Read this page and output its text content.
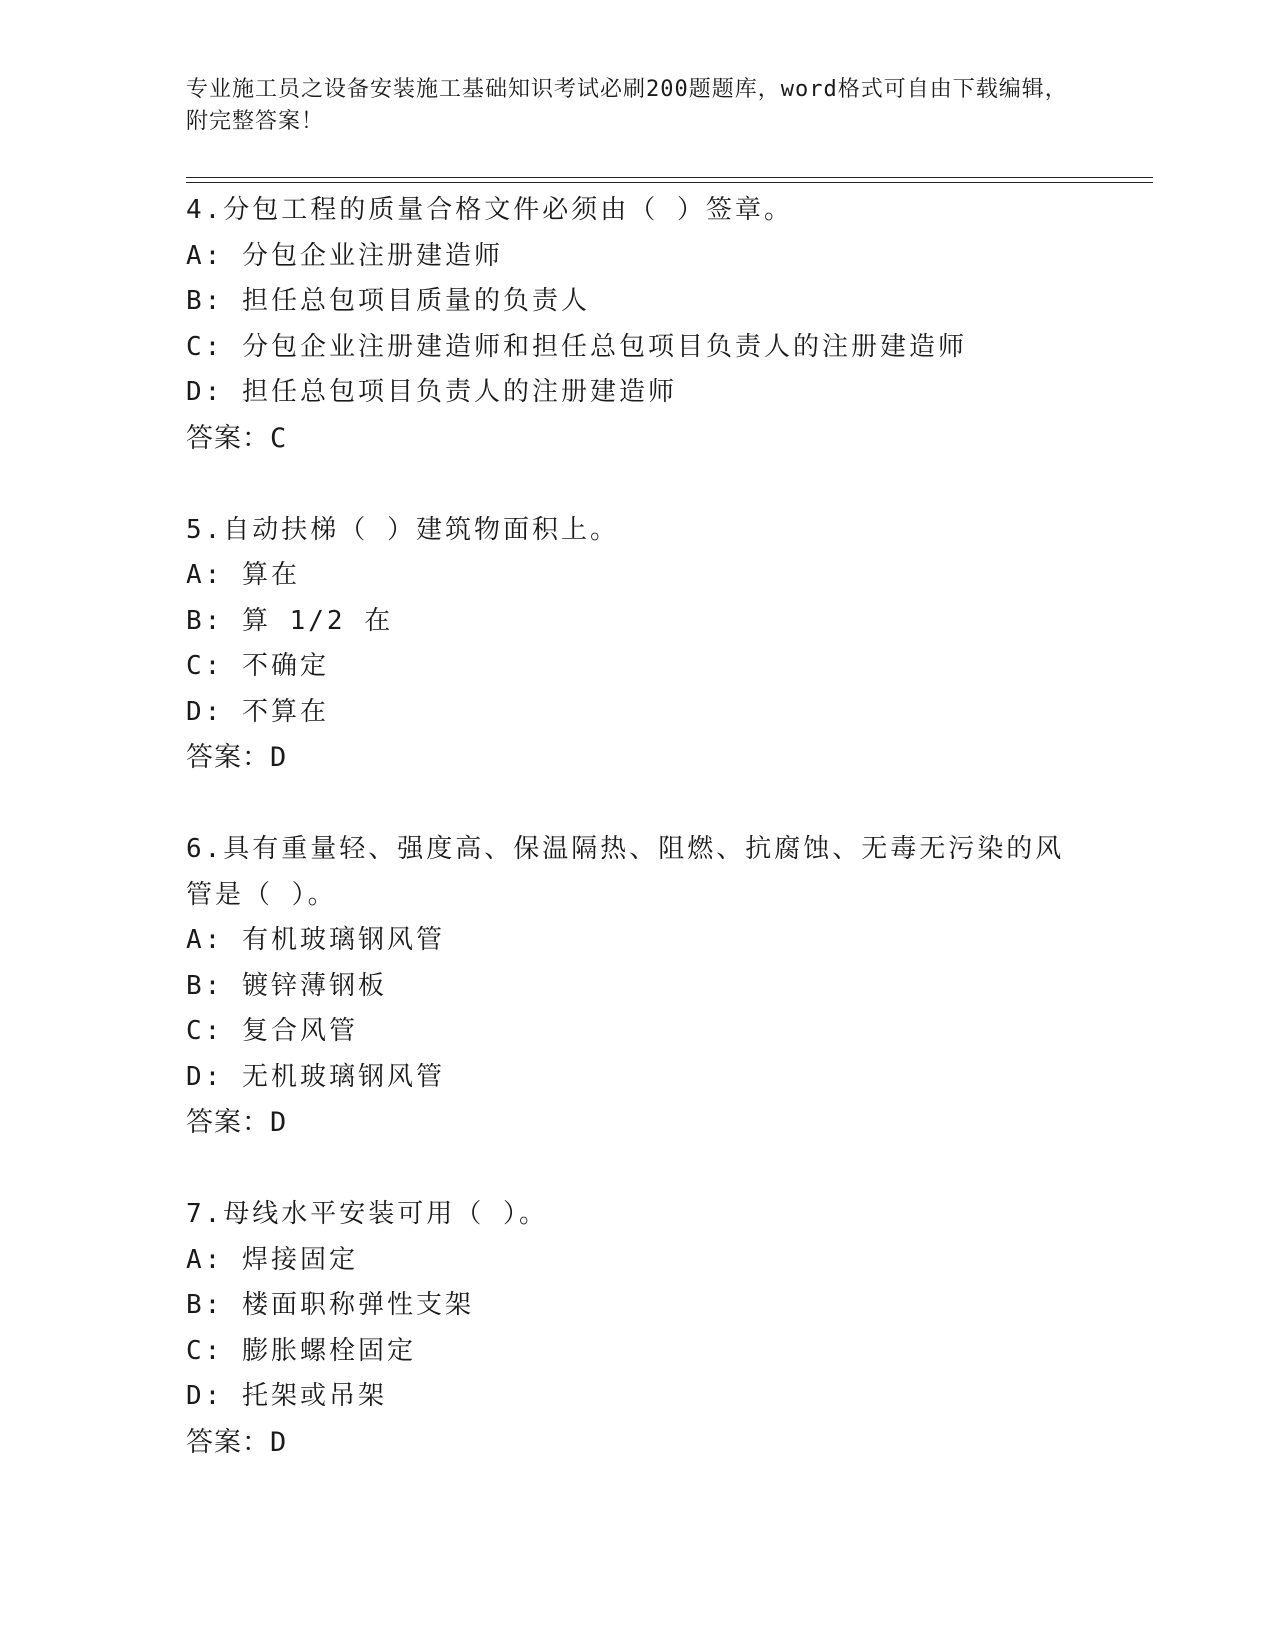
专业施工员之设备安装施工基础知识考试必刷200题题库，word格式可自由下载编辑，附完整答案！
4.分包工程的质量合格文件必须由（ ）签章。
A: 分包企业注册建造师
B: 担任总包项目质量的负责人
C: 分包企业注册建造师和担任总包项目负责人的注册建造师
D: 担任总包项目负责人的注册建造师
答案：C
5.自动扶梯（ ）建筑物面积上。
A: 算在
B: 算 1/2 在
C: 不确定
D: 不算在
答案：D
6.具有重量轻、强度高、保温隔热、阻燃、抗腐蚀、无毒无污染的风管是（ ）。
A: 有机玻璃钢风管
B: 镀锌薄钢板
C: 复合风管
D: 无机玻璃钢风管
答案：D
7.母线水平安装可用（ ）。
A: 焊接固定
B: 楼面职称弹性支架
C: 膨胀螺栓固定
D: 托架或吊架
答案：D
